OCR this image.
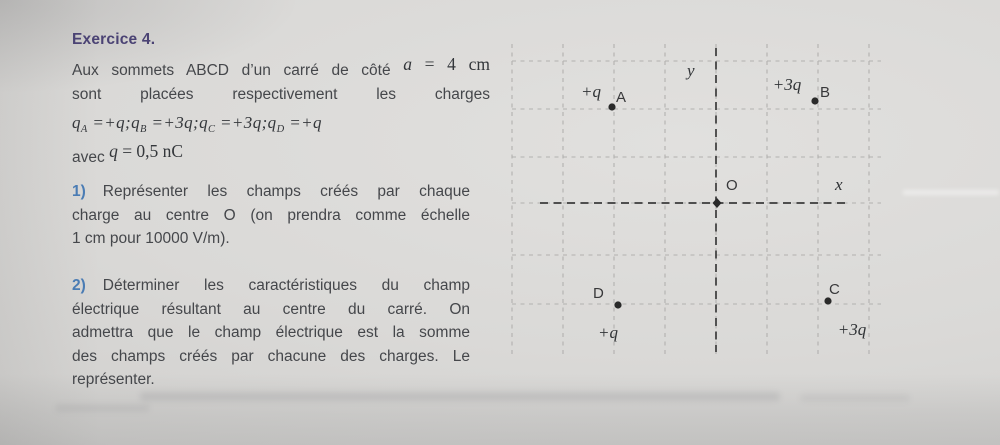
Exercice 4.
Aux sommets ABCD d’un carré de côté a = 4 cm
sont placées respectivement les charges
$q_A$ $=+q;q_B$ $=+3q;q_C$ $=+3q;q_D =+q$
avec q = 0,5 nC
1) Représenter les champs créés par chaque
charge au centre O (on prendra comme échelle
1 cm pour 10000 V/m).
2) Déterminer les caractéristiques du champ
électrique résultant au centre du carré. On
admettra que le champ électrique est la somme
des champs créés par chacune des charges. Le
représenter.
+q A
+3q B
O	x
y
D
+q
C
+3q
